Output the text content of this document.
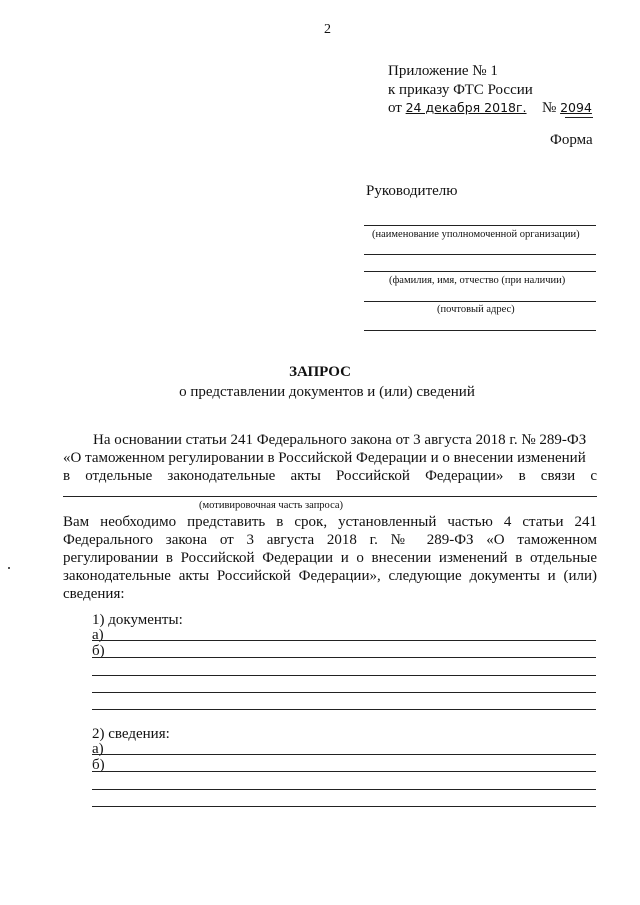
2
Приложение № 1
к приказу ФТС России
от 24 декабря 2018г. № 2094
Форма
Руководителю
(наименование уполномоченной организации)
(фамилия, имя, отчество (при наличии)
(почтовый адрес)
ЗАПРОС
о представлении документов и (или) сведений
На основании статьи 241 Федерального закона от 3 августа 2018 г. № 289-ФЗ
«О таможенном регулировании в Российской Федерации и о внесении изменений
в отдельные законодательные акты Российской Федерации» в связи с
(мотивировочная часть запроса)
Вам необходимо представить в срок, установленный частью 4 статьи 241
Федерального закона от 3 августа 2018 г. № 289-ФЗ «О таможенном
регулировании в Российской Федерации и о внесении изменений в отдельные
законодательные акты Российской Федерации», следующие документы и (или)
сведения:
1) документы:
а)
б)
2) сведения:
а)
б)
